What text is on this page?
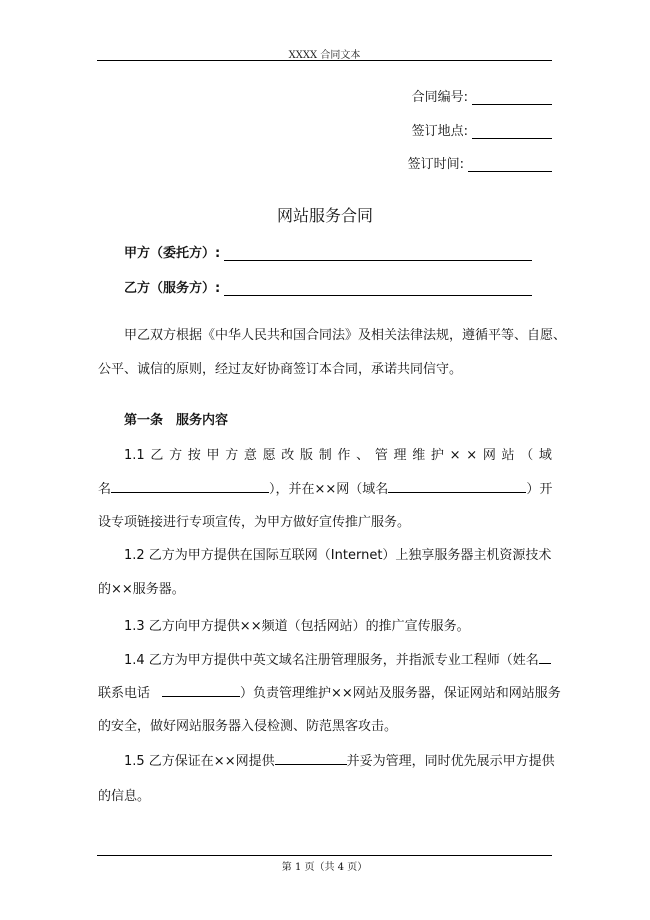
XXXX 合同文本
合同编号:
签订地点:
签订时间:
网站服务合同
甲方（委托方）:
乙方（服务方）:
甲乙双方根据《中华人民共和国合同法》及相关法律法规，遵循平等、自愿、
公平、诚信的原则，经过友好协商签订本合同，承诺共同信守。
第一条　服务内容
1.1 乙 方 按 甲 方 意 愿 改 版 制 作 、 管 理 维 护 × × 网 站 （ 域
名	），并在××网（域名	）开
设专项链接进行专项宣传，为甲方做好宣传推广服务。
1.2 乙方为甲方提供在国际互联网（Internet）上独享服务器主机资源技术
的××服务器。
1.3 乙方向甲方提供××频道（包括网站）的推广宣传服务。
1.4 乙方为甲方提供中英文域名注册管理服务，并指派专业工程师（姓名
联系电话	）负责管理维护××网站及服务器，保证网站和网站服务
的安全，做好网站服务器入侵检测、防范黑客攻击。
1.5 乙方保证在××网提供	并妥为管理，同时优先展示甲方提供
的信息。
第 1 页（共 4 页）
